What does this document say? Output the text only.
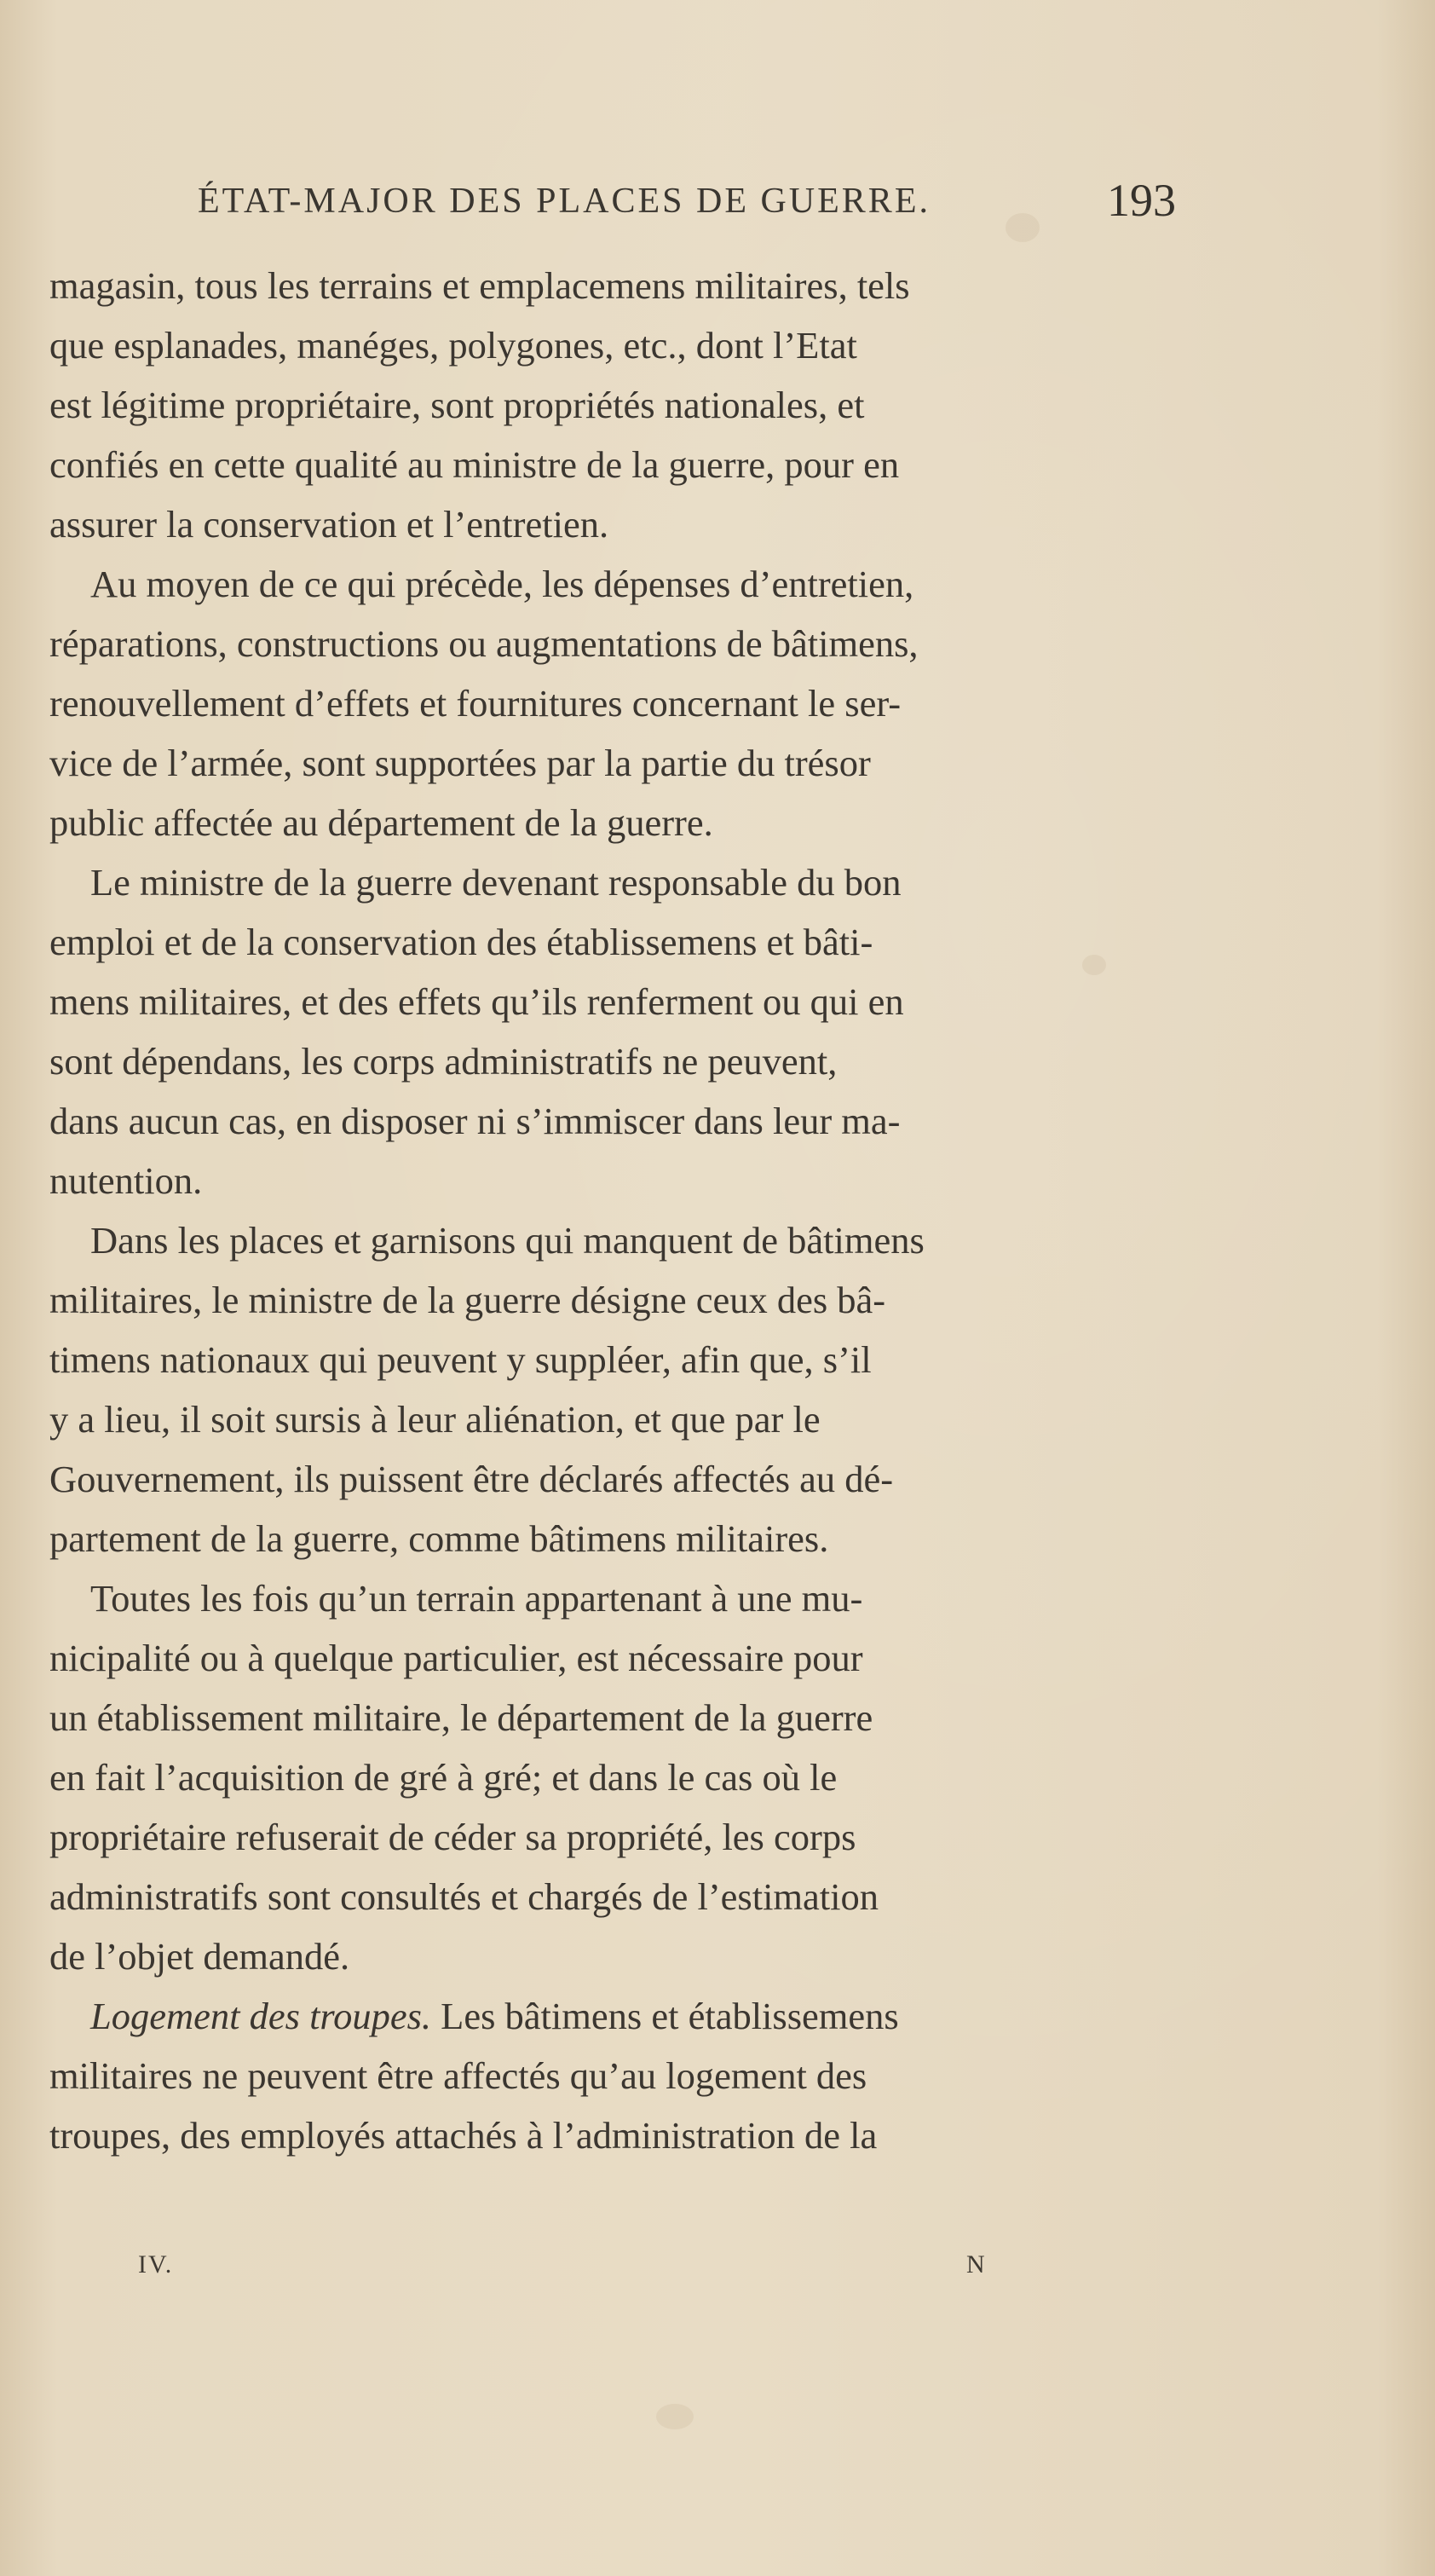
ÉTAT-MAJOR DES PLACES DE GUERRE.	193
magasin, tous les terrains et emplacemens militaires, tels
que esplanades, manéges, polygones, etc., dont l’Etat
est légitime propriétaire, sont propriétés nationales, et
confiés en cette qualité au ministre de la guerre, pour en
assurer la conservation et l’entretien.
Au moyen de ce qui précède, les dépenses d’entretien,
réparations, constructions ou augmentations de bâtimens,
renouvellement d’effets et fournitures concernant le ser-
vice de l’armée, sont supportées par la partie du trésor
public affectée au département de la guerre.
Le ministre de la guerre devenant responsable du bon
emploi et de la conservation des établissemens et bâti-
mens militaires, et des effets qu’ils renferment ou qui en
sont dépendans, les corps administratifs ne peuvent,
dans aucun cas, en disposer ni s’immiscer dans leur ma-
nutention.
Dans les places et garnisons qui manquent de bâtimens
militaires, le ministre de la guerre désigne ceux des bâ-
timens nationaux qui peuvent y suppléer, afin que, s’il
y a lieu, il soit sursis à leur aliénation, et que par le
Gouvernement, ils puissent être déclarés affectés au dé-
partement de la guerre, comme bâtimens militaires.
Toutes les fois qu’un terrain appartenant à une mu-
nicipalité ou à quelque particulier, est nécessaire pour
un établissement militaire, le département de la guerre
en fait l’acquisition de gré à gré; et dans le cas où le
propriétaire refuserait de céder sa propriété, les corps
administratifs sont consultés et chargés de l’estimation
de l’objet demandé.
Logement des troupes. Les bâtimens et établissemens
militaires ne peuvent être affectés qu’au logement des
troupes, des employés attachés à l’administration de la
IV.	N
